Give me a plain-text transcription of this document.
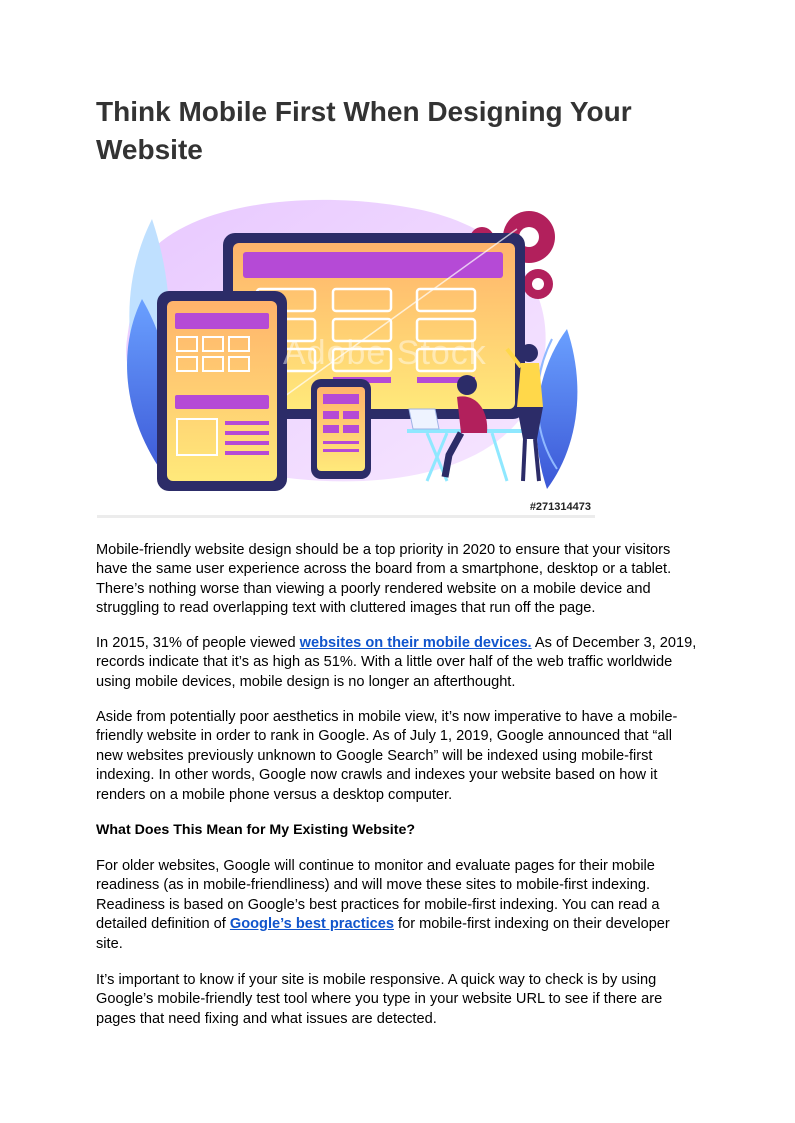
Think Mobile First When Designing Your Website
Adobe Stock
#271314473

Mobile-friendly website design should be a top priority in 2020 to ensure that your visitors have the same user experience across the board from a smartphone, desktop or a tablet. There’s nothing worse than viewing a poorly rendered website on a mobile device and struggling to read overlapping text with cluttered images that run off the page.

In 2015, 31% of people viewed websites on their mobile devices. As of December 3, 2019, records indicate that it’s as high as 51%. With a little over half of the web traffic worldwide using mobile devices, mobile design is no longer an afterthought.

Aside from potentially poor aesthetics in mobile view, it’s now imperative to have a mobile-friendly website in order to rank in Google. As of July 1, 2019, Google announced that “all new websites previously unknown to Google Search” will be indexed using mobile-first indexing. In other words, Google now crawls and indexes your website based on how it renders on a mobile phone versus a desktop computer.

What Does This Mean for My Existing Website?

For older websites, Google will continue to monitor and evaluate pages for their mobile readiness (as in mobile-friendliness) and will move these sites to mobile-first indexing. Readiness is based on Google’s best practices for mobile-first indexing. You can read a detailed definition of Google’s best practices for mobile-first indexing on their developer site.

It’s important to know if your site is mobile responsive. A quick way to check is by using Google’s mobile-friendly test tool where you type in your website URL to see if there are pages that need fixing and what issues are detected.
